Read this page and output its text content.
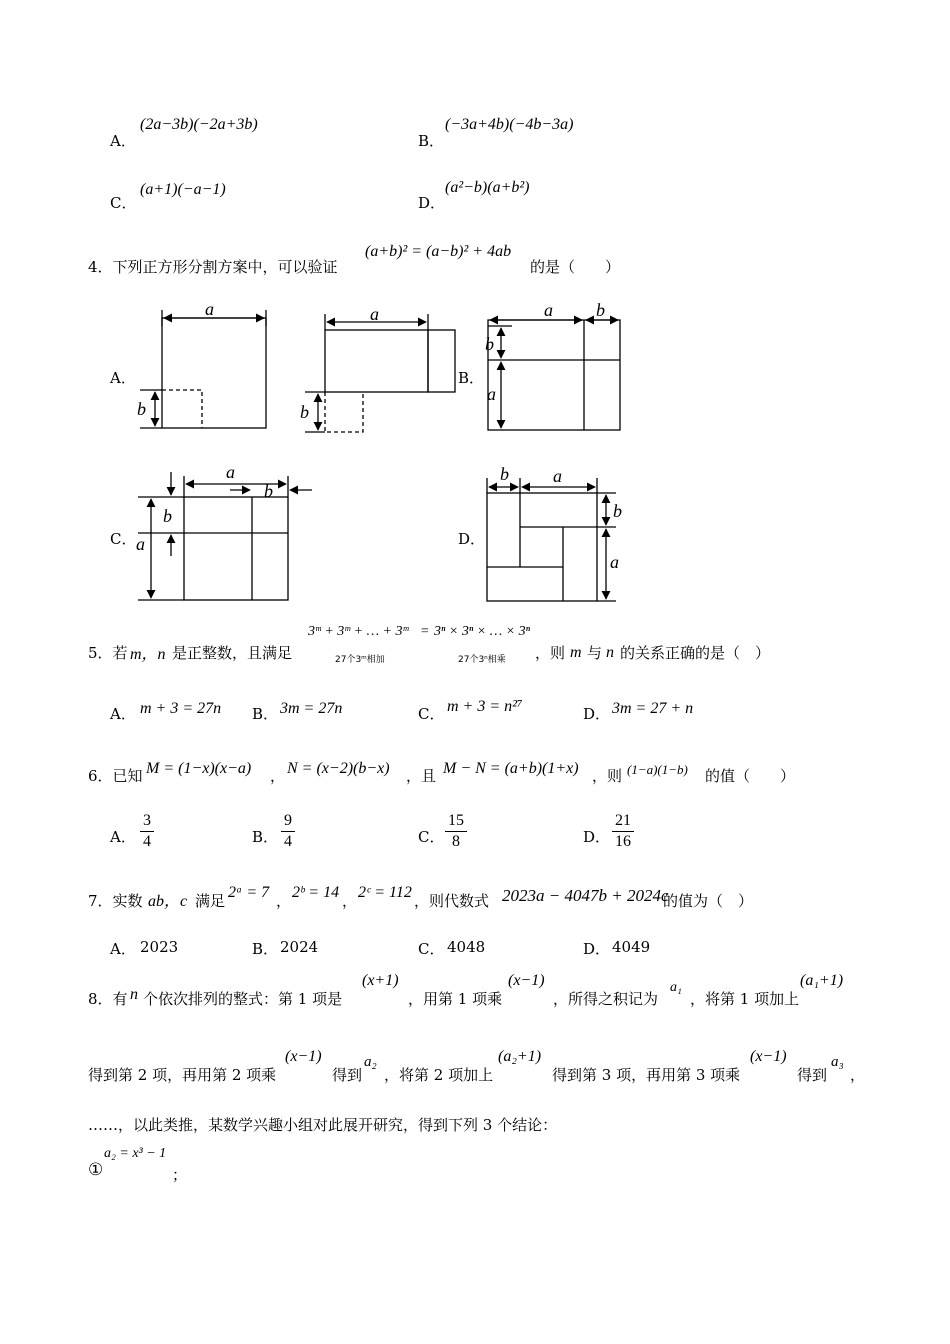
A．
(2a−3b)(−2a+3b)
B．
(−3a+4b)(−4b−3a)
C．
(a+1)(−a−1)
D．
(a²−b)(a+b²)
4．下列正方形分割方案中，可以验证
(a+b)² = (a−b)² + 4ab
的是（　　）
A．	B．
C．	D．
a
b
a
b
a b
b
a
a
b
b
a
b a
b
a
5．若 m，n 是正整数，且满足
3ᵐ + 3ᵐ + … + 3ᵐ
27个3ᵐ相加
= 3ⁿ × 3ⁿ × … × 3ⁿ
27个3ⁿ相乘 ，则 m 与 n 的关系正确的是（　）
A． m + 3 = 27n B． 3m = 27n	C． m + 3 = n²⁷	D． 3m = 27 + n
6．已知 M = (1−x)(x−a) ， N = (x−2)(b−x) ，且 M − N = (a+b)(1+x) ，则 (1−a)(1−b) 的值（　　）
A．
3
4	B．
9
4	C．
15
8	D．
21
16
7．实数 ab，c 满足 2ᵃ = 7 ， 2ᵇ = 14 ， 2ᶜ = 112 ，则代数式 2023a − 4047b + 2024c
的值为（　）
A． 2023	B． 2024	C． 4048	D． 4049
8．有 n 个依次排列的整式：第 1 项是
(x+1)
，用第 1 项乘
(x−1)
，所得之积记为
a₁
，将第 1 项加上
(a₁+1)
得到第 2 项，再用第 2 项乘
(x−1)
得到
a₂
，将第 2 项加上
(a₂+1)
得到第 3 项，再用第 3 项乘
(x−1)
得到
a₃
，
……，以此类推，某数学兴趣小组对此展开研究，得到下列 3 个结论：
①
a₂ = x³ − 1
；
